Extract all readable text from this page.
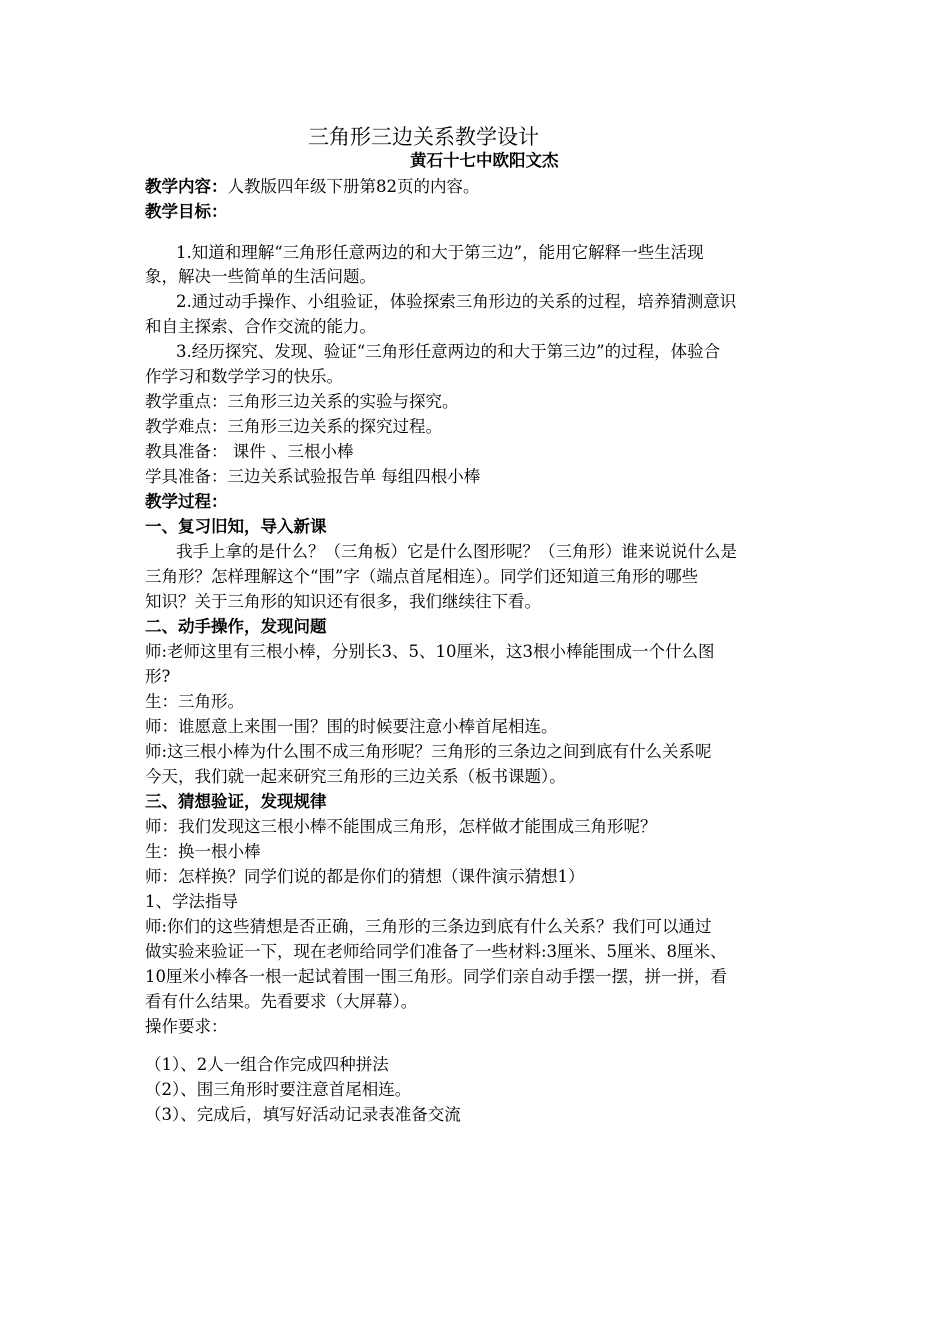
三角形三边关系教学设计
黄石十七中欧阳文杰
教学内容：人教版四年级下册第82页的内容。
教学目标：
1.知道和理解“三角形任意两边的和大于第三边”，能用它解释一些生活现
象，解决一些简单的生活问题。
2.通过动手操作、小组验证，体验探索三角形边的关系的过程，培养猜测意识
和自主探索、合作交流的能力。
3.经历探究、发现、验证“三角形任意两边的和大于第三边”的过程，体验合
作学习和数学学习的快乐。
教学重点：三角形三边关系的实验与探究。
教学难点：三角形三边关系的探究过程。
教具准备： 课件 、三根小棒
学具准备：三边关系试验报告单 每组四根小棒
教学过程：
一、复习旧知，导入新课
我手上拿的是什么？（三角板）它是什么图形呢？（三角形）谁来说说什么是
三角形？怎样理解这个“围”字（端点首尾相连）。同学们还知道三角形的哪些
知识？关于三角形的知识还有很多，我们继续往下看。
二、动手操作，发现问题
师:老师这里有三根小棒，分别长3、5、10厘米，这3根小棒能围成一个什么图
形?
生：三角形。
师：谁愿意上来围一围？围的时候要注意小棒首尾相连。
师:这三根小棒为什么围不成三角形呢？三角形的三条边之间到底有什么关系呢
今天，我们就一起来研究三角形的三边关系（板书课题）。
三、猜想验证，发现规律
师：我们发现这三根小棒不能围成三角形，怎样做才能围成三角形呢？
生：换一根小棒
师：怎样换？同学们说的都是你们的猜想（课件演示猜想1）
1、学法指导
师:你们的这些猜想是否正确，三角形的三条边到底有什么关系？我们可以通过
做实验来验证一下，现在老师给同学们准备了一些材料:3厘米、5厘米、8厘米、
10厘米小棒各一根一起试着围一围三角形。同学们亲自动手摆一摆，拼一拼，看
看有什么结果。先看要求（大屏幕）。
操作要求：
（1）、2人一组合作完成四种拼法
（2）、围三角形时要注意首尾相连。
（3）、完成后，填写好活动记录表准备交流
